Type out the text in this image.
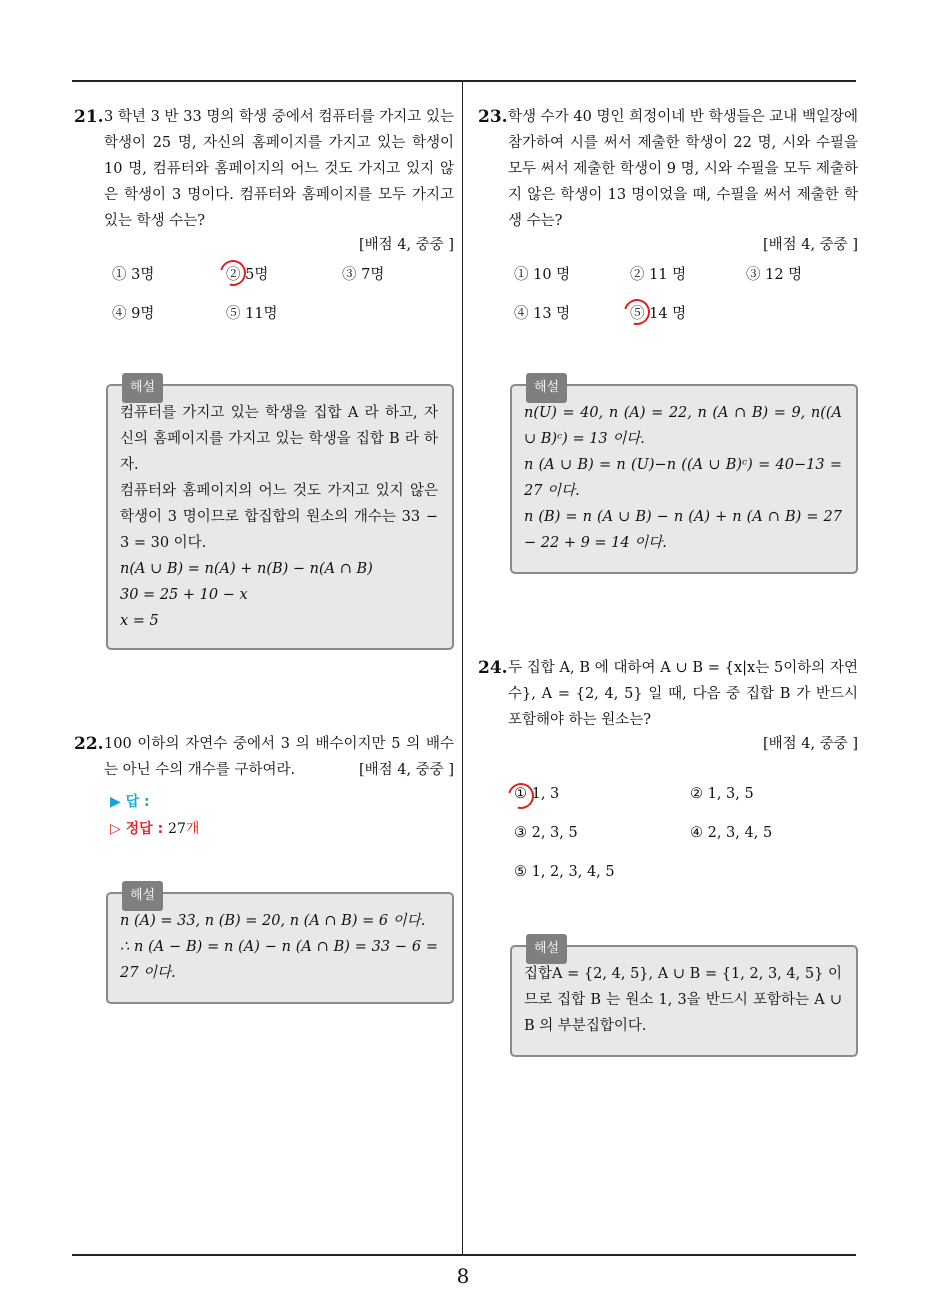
8
21. 3 학년 3 반 33 명의 학생 중에서 컴퓨터를 가지고 있는 학생이 25 명, 자신의 홈페이지를 가지고 있는 학생이 10 명, 컴퓨터와 홈페이지의 어느 것도 가지고 있지 않은 학생이 3 명이다. 컴퓨터와 홈페이지를 모두 가지고 있는 학생 수는?
[배점 4, 중중 ]
① 3명	② 5명	③ 7명
④ 9명	⑤ 11명
해설
컴퓨터를 가지고 있는 학생을 집합 A 라 하고, 자신의 홈페이지를 가지고 있는 학생을 집합 B 라 하자.
컴퓨터와 홈페이지의 어느 것도 가지고 있지 않은 학생이 3 명이므로 합집합의 원소의 개수는 33 − 3 = 30 이다.
n(A ∪ B) = n(A) + n(B) − n(A ∩ B)
30 = 25 + 10 − x
x = 5
22. 100 이하의 자연수 중에서 3 의 배수이지만 5 의 배수는 아닌 수의 개수를 구하여라.	[배점 4, 중중 ]
▶ 답 :
▷ 정답 : 27개
해설
n (A) = 33, n (B) = 20, n (A ∩ B) = 6 이다.
∴ n (A − B) = n (A) − n (A ∩ B) = 33 − 6 = 27 이다.
23. 학생 수가 40 명인 희정이네 반 학생들은 교내 백일장에 참가하여 시를 써서 제출한 학생이 22 명, 시와 수필을 모두 써서 제출한 학생이 9 명, 시와 수필을 모두 제출하지 않은 학생이 13 명이었을 때, 수필을 써서 제출한 학생 수는?
[배점 4, 중중 ]
① 10 명	② 11 명	③ 12 명
④ 13 명	⑤ 14 명
해설
n(U) = 40, n (A) = 22, n (A ∩ B) = 9, n((A ∪ B)ᶜ) = 13 이다.
n (A ∪ B) = n (U)−n ((A ∪ B)ᶜ) = 40−13 = 27 이다.
n (B) = n (A ∪ B) − n (A) + n (A ∩ B) = 27 − 22 + 9 = 14 이다.
24. 두 집합 A, B 에 대하여 A ∪ B = {x|x는 5이하의 자연수}, A = {2, 4, 5} 일 때, 다음 중 집합 B 가 반드시 포함해야 하는 원소는?
[배점 4, 중중 ]
① 1, 3	② 1, 3, 5
③ 2, 3, 5	④ 2, 3, 4, 5
⑤ 1, 2, 3, 4, 5
해설
집합A = {2, 4, 5}, A ∪ B = {1, 2, 3, 4, 5} 이므로 집합 B 는 원소 1, 3을 반드시 포함하는 A ∪ B 의 부분집합이다.
